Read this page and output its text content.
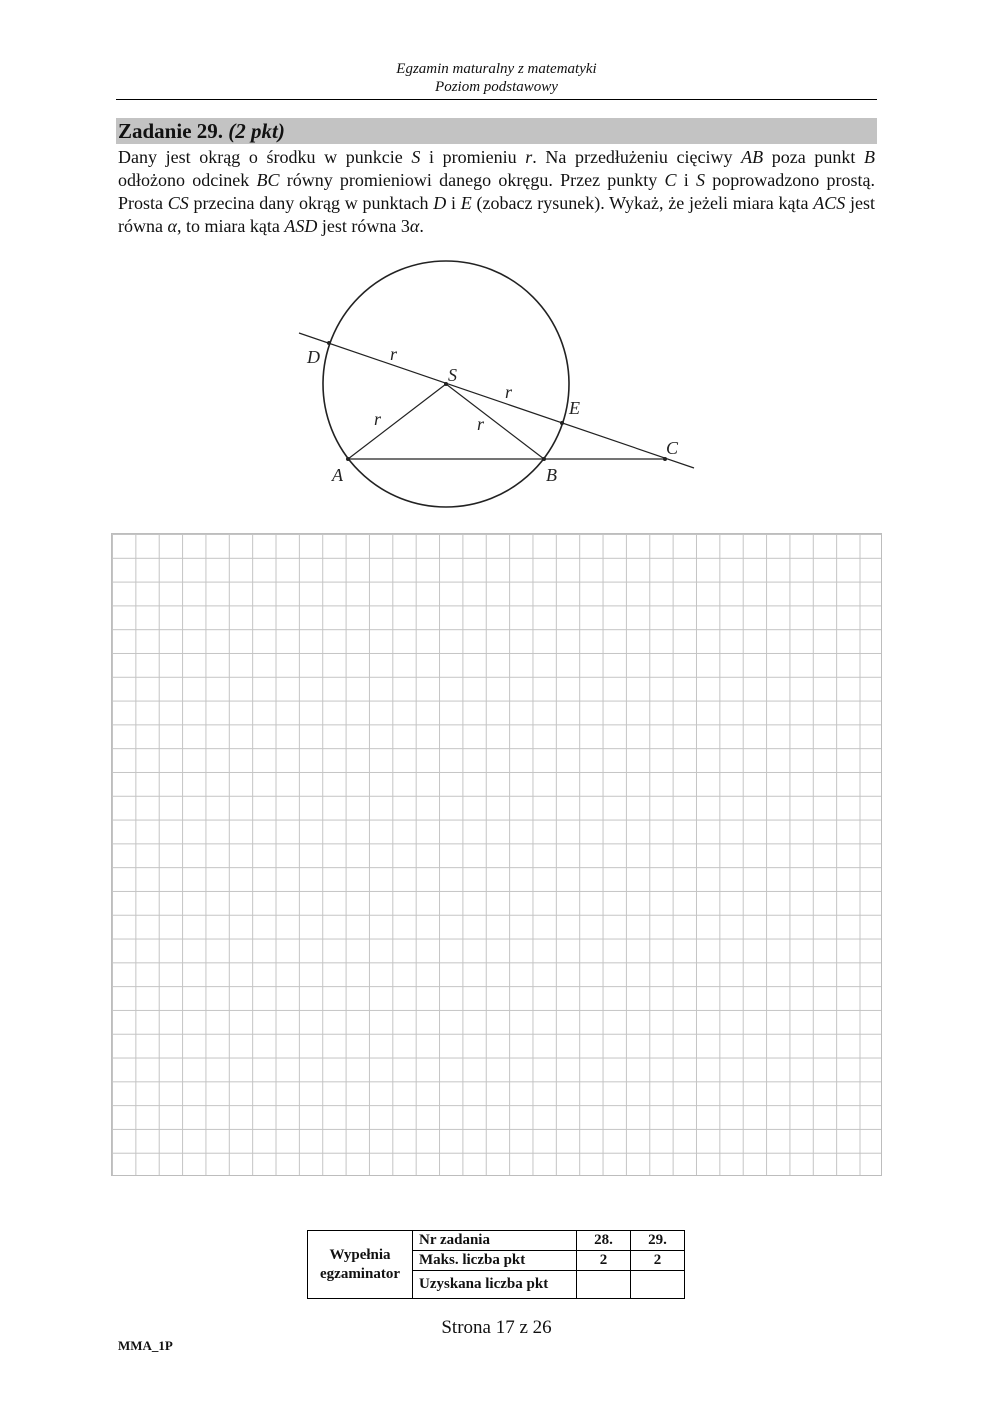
Egzamin maturalny z matematyki
Poziom podstawowy
Zadanie 29. (2 pkt)
Dany jest okrąg o środku w punkcie S i promieniu r. Na przedłużeniu cięciwy AB poza punkt B odłożono odcinek BC równy promieniowi danego okręgu. Przez punkty C i S poprowadzono prostą. Prosta CS przecina dany okrąg w punktach D i E (zobacz rysunek). Wykaż, że jeżeli miara kąta ACS jest równa α, to miara kąta ASD jest równa 3α.
D
S
E
C
A	B
r
r
r	r
Wypełnia egzaminator	Nr zadania	28.	29.
	Maks. liczba pkt	2	2
	Uzyskana liczba pkt		
Strona 17 z 26
MMA_1P
